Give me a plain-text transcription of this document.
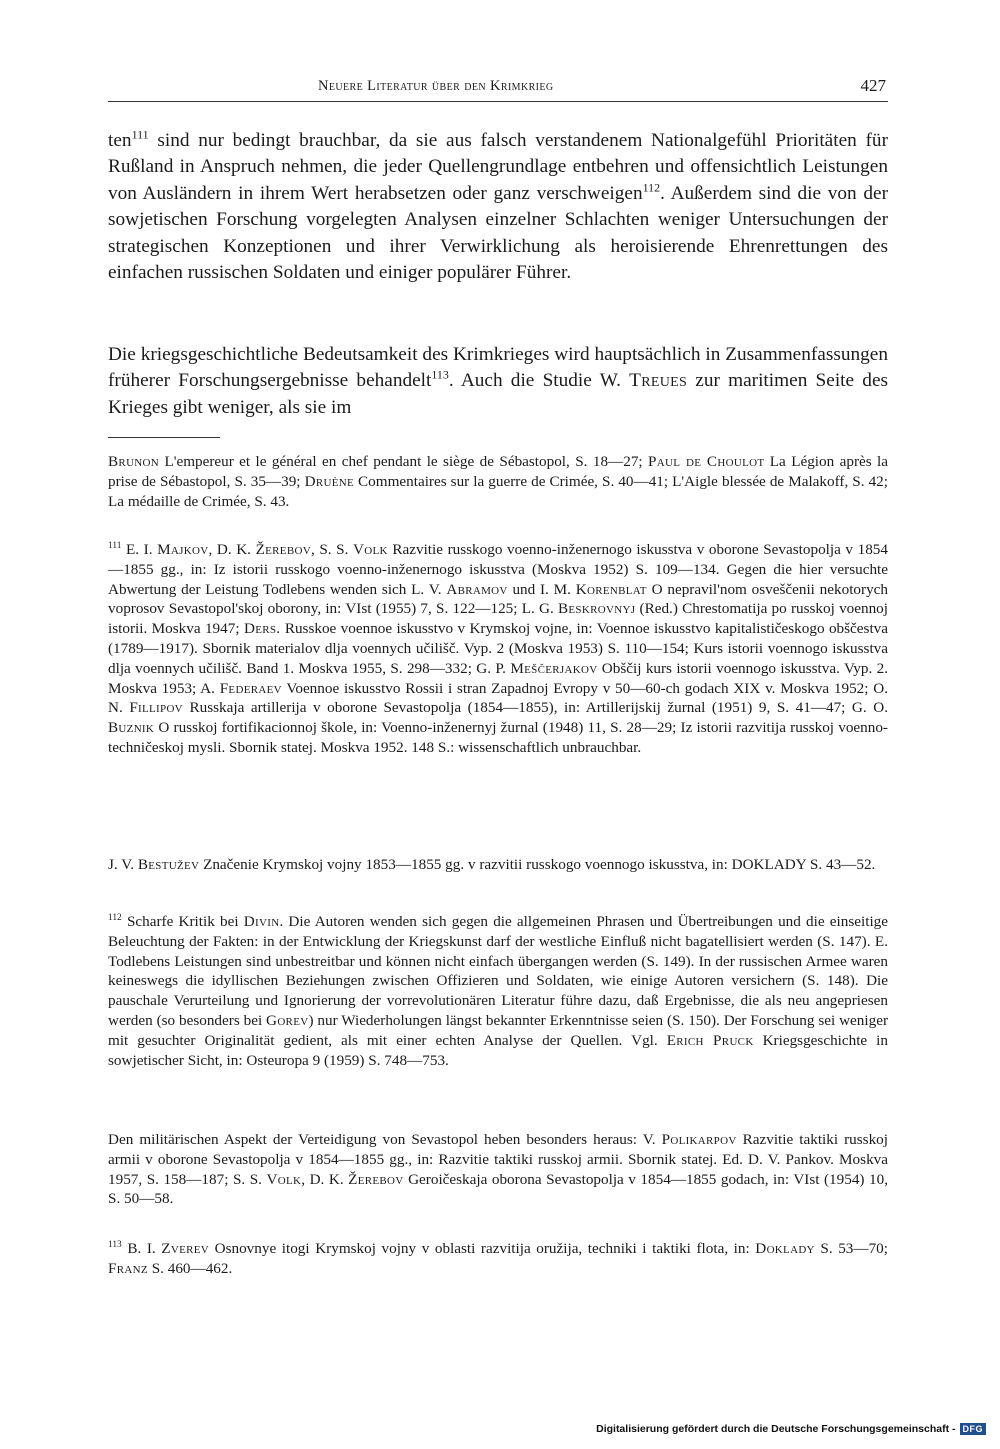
Neuere Literatur über den Krimkrieg	427

ten$^{111}$ sind nur bedingt brauchbar, da sie aus falsch verstandenem Nationalgefühl Prioritäten für Rußland in Anspruch nehmen, die jeder Quellengrundlage entbehren und offensichtlich Leistungen von Ausländern in ihrem Wert herabsetzen oder ganz verschweigen$^{112}$. Außerdem sind die von der sowjetischen Forschung vorgelegten Analysen einzelner Schlachten weniger Untersuchungen der strategischen Konzeptionen und ihrer Verwirklichung als heroisierende Ehrenrettungen des einfachen russischen Soldaten und einiger populärer Führer.

Die kriegsgeschichtliche Bedeutsamkeit des Krimkrieges wird hauptsächlich in Zusammenfassungen früherer Forschungsergebnisse behandelt$^{113}$. Auch die Studie W. Treues zur maritimen Seite des Krieges gibt weniger, als sie im

Brunon L'empereur et le général en chef pendant le siège de Sébastopol, S. 18—27; Paul de Choulot La Légion après la prise de Sébastopol, S. 35—39; Druène Commentaires sur la guerre de Crimée, S. 40—41; L'Aigle blessée de Malakoff, S. 42; La médaille de Crimée, S. 43.

$^{111}$ E. I. Majkov, D. K. Žerebov, S. S. Volk Razvitie russkogo voenno-inženernogo iskusstva v oborone Sevastopolja v 1854—1855 gg., in: Iz istorii russkogo voenno-inženernogo iskusstva (Moskva 1952) S. 109—134. Gegen die hier versuchte Abwertung der Leistung Todlebens wenden sich L. V. Abramov und I. M. Korenblat O nepravil'nom osveščenii nekotorych voprosov Sevastopol'skoj oborony, in: VIst (1955) 7, S. 122—125; L. G. Beskrovnyj (Red.) Chrestomatija po russkoj voennoj istorii. Moskva 1947; Ders. Russkoe voennoe iskusstvo v Krymskoj vojne, in: Voennoe iskusstvo kapitalističeskogo obščestva (1789—1917). Sbornik materialov dlja voennych učilišč. Vyp. 2 (Moskva 1953) S. 110—154; Kurs istorii voennogo iskusstva dlja voennych učilišč. Band 1. Moskva 1955, S. 298—332; G. P. Meščerjakov Obščij kurs istorii voennogo iskusstva. Vyp. 2. Moskva 1953; A. Federaev Voennoe iskusstvo Rossii i stran Zapadnoj Evropy v 50—60-ch godach XIX v. Moskva 1952; O. N. Fillipov Russkaja artillerija v oborone Sevastopolja (1854—1855), in: Artillerijskij žurnal (1951) 9, S. 41—47; G. O. Buznik O russkoj fortifikacionnoj škole, in: Voenno-inženernyj žurnal (1948) 11, S. 28—29; Iz istorii razvitija russkoj voenno-techničeskoj mysli. Sbornik statej. Moskva 1952. 148 S.: wissenschaftlich unbrauchbar.

J. V. Bestužev Značenie Krymskoj vojny 1853—1855 gg. v razvitii russkogo voennogo iskusstva, in: DOKLADY S. 43—52.

$^{112}$ Scharfe Kritik bei Divin. Die Autoren wenden sich gegen die allgemeinen Phrasen und Übertreibungen und die einseitige Beleuchtung der Fakten: in der Entwicklung der Kriegskunst darf der westliche Einfluß nicht bagatellisiert werden (S. 147). E. Todlebens Leistungen sind unbestreitbar und können nicht einfach übergangen werden (S. 149). In der russischen Armee waren keineswegs die idyllischen Beziehungen zwischen Offizieren und Soldaten, wie einige Autoren versichern (S. 148). Die pauschale Verurteilung und Ignorierung der vorrevolutionären Literatur führe dazu, daß Ergebnisse, die als neu angepriesen werden (so besonders bei Gorev) nur Wiederholungen längst bekannter Erkenntnisse seien (S. 150). Der Forschung sei weniger mit gesuchter Originalität gedient, als mit einer echten Analyse der Quellen. Vgl. Erich Pruck Kriegsgeschichte in sowjetischer Sicht, in: Osteuropa 9 (1959) S. 748—753.

Den militärischen Aspekt der Verteidigung von Sevastopol heben besonders heraus: V. Polikarpov Razvitie taktiki russkoj armii v oborone Sevastopolja v 1854—1855 gg., in: Razvitie taktiki russkoj armii. Sbornik statej. Ed. D. V. Pankov. Moskva 1957, S. 158—187; S. S. Volk, D. K. Žerebov Geroičeskaja oborona Sevastopolja v 1854—1855 godach, in: VIst (1954) 10, S. 50—58.

$^{113}$ B. I. Zverev Osnovnye itogi Krymskoj vojny v oblasti razvitija oružija, techniki i taktiki flota, in: Doklady S. 53—70; Franz S. 460—462.

Digitalisierung gefördert durch die Deutsche Forschungsgemeinschaft - DFG
